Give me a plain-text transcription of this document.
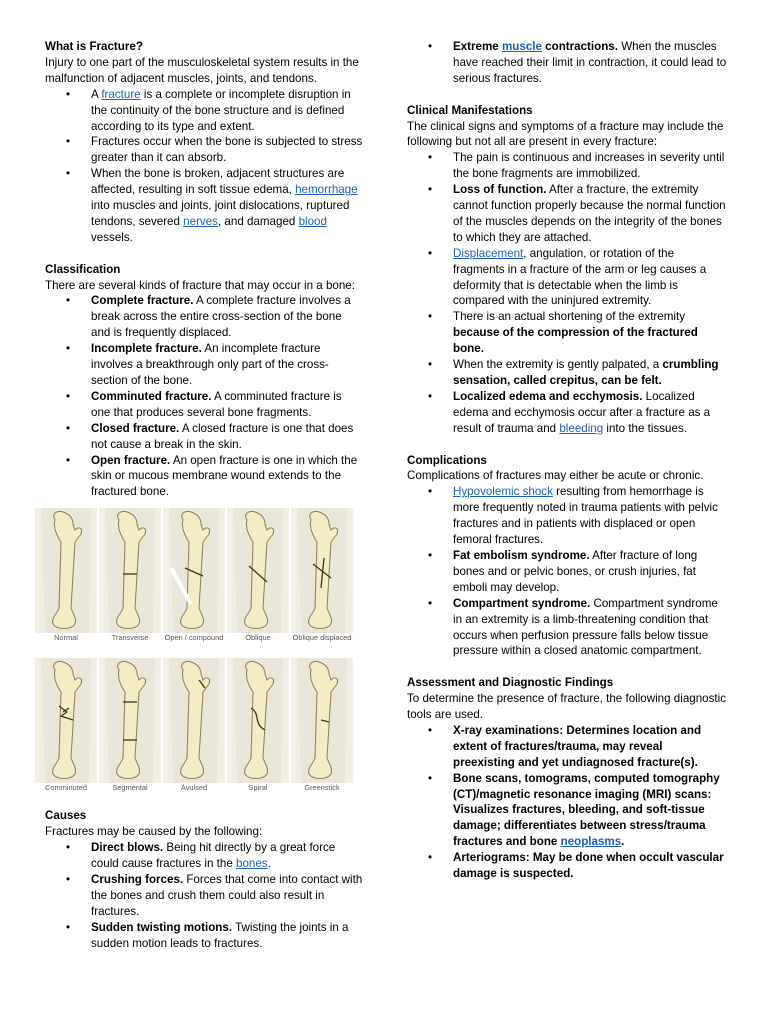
What is Fracture?

Injury to one part of the musculoskeletal system results in the malfunction of adjacent muscles, joints, and tendons.

• A fracture is a complete or incomplete disruption in the continuity of the bone structure and is defined according to its type and extent.
• Fractures occur when the bone is subjected to stress greater than it can absorb.
• When the bone is broken, adjacent structures are affected, resulting in soft tissue edema, hemorrhage into muscles and joints, joint dislocations, ruptured tendons, severed nerves, and damaged blood vessels.

Classification

There are several kinds of fracture that may occur in a bone:

• Complete fracture. A complete fracture involves a break across the entire cross-section of the bone and is frequently displaced.
• Incomplete fracture. An incomplete fracture involves a breakthrough only part of the cross-section of the bone.
• Comminuted fracture. A comminuted fracture is one that produces several bone fragments.
• Closed fracture. A closed fracture is one that does not cause a break in the skin.
• Open fracture. An open fracture is one in which the skin or mucous membrane wound extends to the fractured bone.
Normal	Transverse	Open / compound	Oblique	Oblique displaced
Comminuted	Segmental	Avulsed	Spiral	Greenstick

Causes

Fractures may be caused by the following:

• Direct blows. Being hit directly by a great force could cause fractures in the bones.
• Crushing forces. Forces that come into contact with the bones and crush them could also result in fractures.
• Sudden twisting motions. Twisting the joints in a sudden motion leads to fractures.
• Extreme muscle contractions. When the muscles have reached their limit in contraction, it could lead to serious fractures.

Clinical Manifestations

The clinical signs and symptoms of a fracture may include the following but not all are present in every fracture:

• The pain is continuous and increases in severity until the bone fragments are immobilized.
• Loss of function. After a fracture, the extremity cannot function properly because the normal function of the muscles depends on the integrity of the bones to which they are attached.
• Displacement, angulation, or rotation of the fragments in a fracture of the arm or leg causes a deformity that is detectable when the limb is compared with the uninjured extremity.
• There is an actual shortening of the extremity because of the compression of the fractured bone.
• When the extremity is gently palpated, a crumbling sensation, called crepitus, can be felt.
• Localized edema and ecchymosis. Localized edema and ecchymosis occur after a fracture as a result of trauma and bleeding into the tissues.

Complications

Complications of fractures may either be acute or chronic.

• Hypovolemic shock resulting from hemorrhage is more frequently noted in trauma patients with pelvic fractures and in patients with displaced or open femoral fractures.
• Fat embolism syndrome. After fracture of long bones and or pelvic bones, or crush injuries, fat emboli may develop.
• Compartment syndrome. Compartment syndrome in an extremity is a limb-threatening condition that occurs when perfusion pressure falls below tissue pressure within a closed anatomic compartment.

Assessment and Diagnostic Findings

To determine the presence of fracture, the following diagnostic tools are used.

• X-ray examinations: Determines location and extent of fractures/trauma, may reveal preexisting and yet undiagnosed fracture(s).
• Bone scans, tomograms, computed tomography (CT)/magnetic resonance imaging (MRI) scans: Visualizes fractures, bleeding, and soft-tissue damage; differentiates between stress/trauma fractures and bone neoplasms.
• Arteriograms: May be done when occult vascular damage is suspected.
